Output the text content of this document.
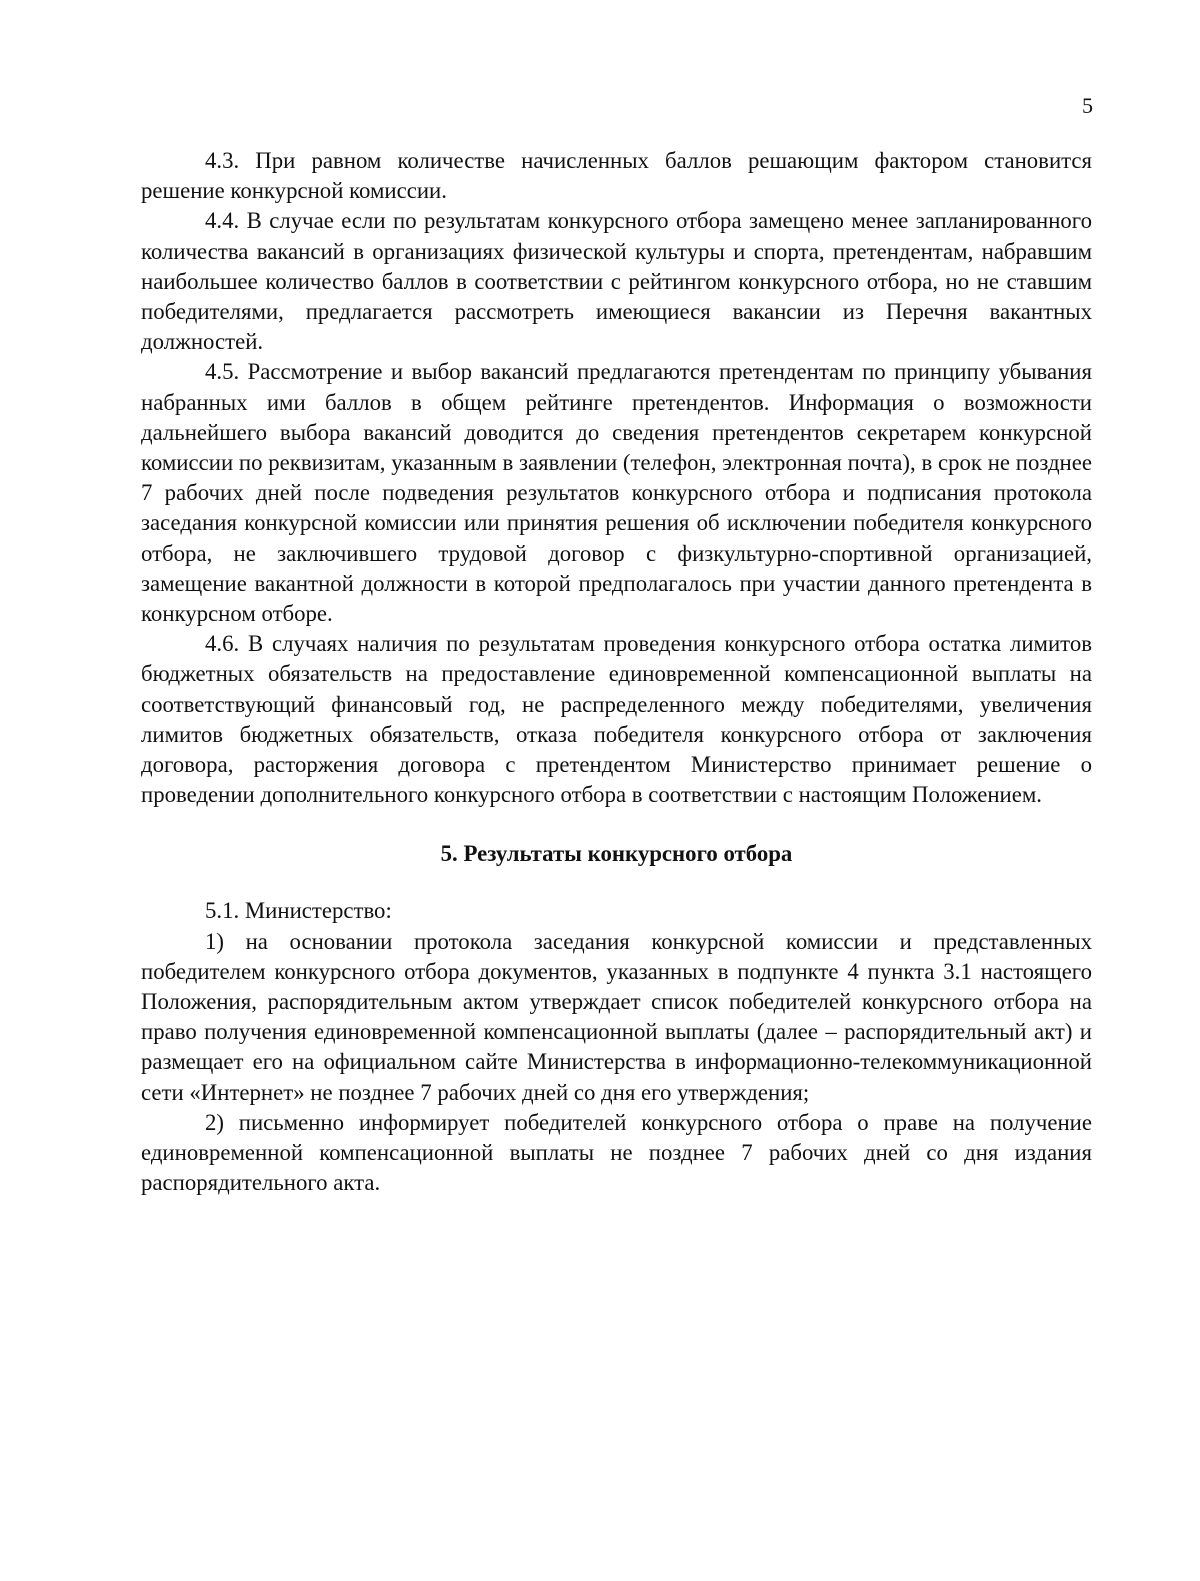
5

4.3. При равном количестве начисленных баллов решающим фактором становится решение конкурсной комиссии.

4.4. В случае если по результатам конкурсного отбора замещено менее запланированного количества вакансий в организациях физической культуры и спорта, претендентам, набравшим наибольшее количество баллов в соответствии с рейтингом конкурсного отбора, но не ставшим победителями, предлагается рассмотреть имеющиеся вакансии из Перечня вакантных должностей.

4.5. Рассмотрение и выбор вакансий предлагаются претендентам по принципу убывания набранных ими баллов в общем рейтинге претендентов. Информация о возможности дальнейшего выбора вакансий доводится до сведения претендентов секретарем конкурсной комиссии по реквизитам, указанным в заявлении (телефон, электронная почта), в срок не позднее 7 рабочих дней после подведения результатов конкурсного отбора и подписания протокола заседания конкурсной комиссии или принятия решения об исключении победителя конкурсного отбора, не заключившего трудовой договор с физкультурно-спортивной организацией, замещение вакантной должности в которой предполагалось при участии данного претендента в конкурсном отборе.

4.6. В случаях наличия по результатам проведения конкурсного отбора остатка лимитов бюджетных обязательств на предоставление единовременной компенсационной выплаты на соответствующий финансовый год, не распределенного между победителями, увеличения лимитов бюджетных обязательств, отказа победителя конкурсного отбора от заключения договора, расторжения договора с претендентом Министерство принимает решение о проведении дополнительного конкурсного отбора в соответствии с настоящим Положением.

5. Результаты конкурсного отбора

5.1. Министерство:

1) на основании протокола заседания конкурсной комиссии и представленных победителем конкурсного отбора документов, указанных в подпункте 4 пункта 3.1 настоящего Положения, распорядительным актом утверждает список победителей конкурсного отбора на право получения единовременной компенсационной выплаты (далее – распорядительный акт) и размещает его на официальном сайте Министерства в информационно-телекоммуникационной сети «Интернет» не позднее 7 рабочих дней со дня его утверждения;

2) письменно информирует победителей конкурсного отбора о праве на получение единовременной компенсационной выплаты не позднее 7 рабочих дней со дня издания распорядительного акта.
